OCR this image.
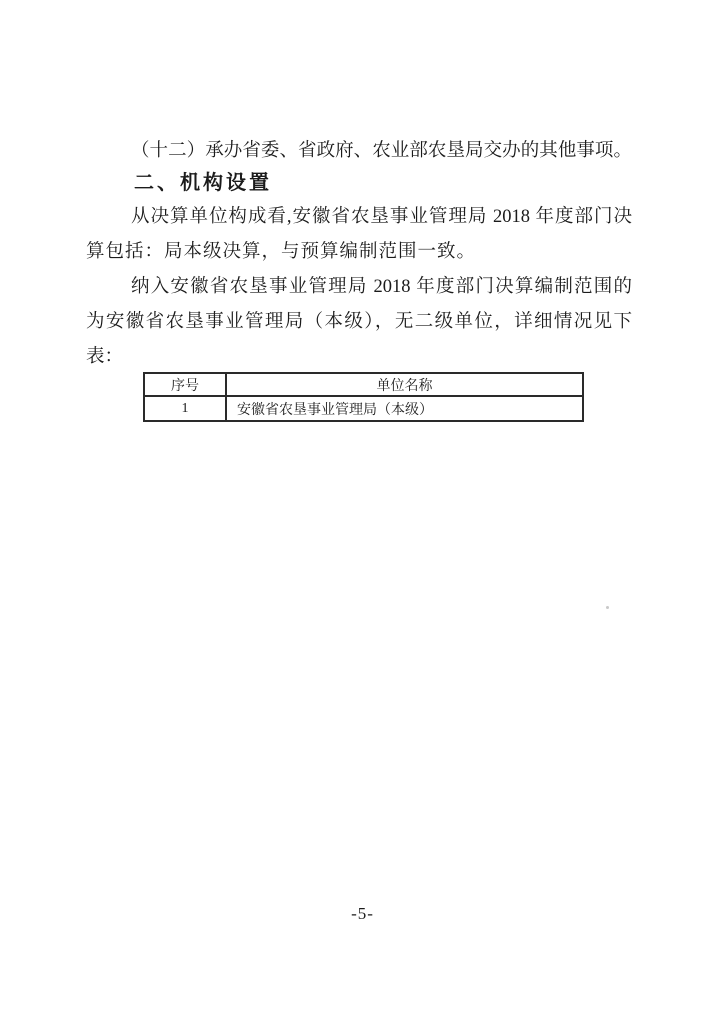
（十二）承办省委、省政府、农业部农垦局交办的其他事项。
二、机构设置
从决算单位构成看,安徽省农垦事业管理局 2018 年度部门决
算包括：局本级决算，与预算编制范围一致。
纳入安徽省农垦事业管理局 2018 年度部门决算编制范围的
为安徽省农垦事业管理局（本级），无二级单位，详细情况见下
表：
序号	单位名称
1	安徽省农垦事业管理局（本级）
-5-
